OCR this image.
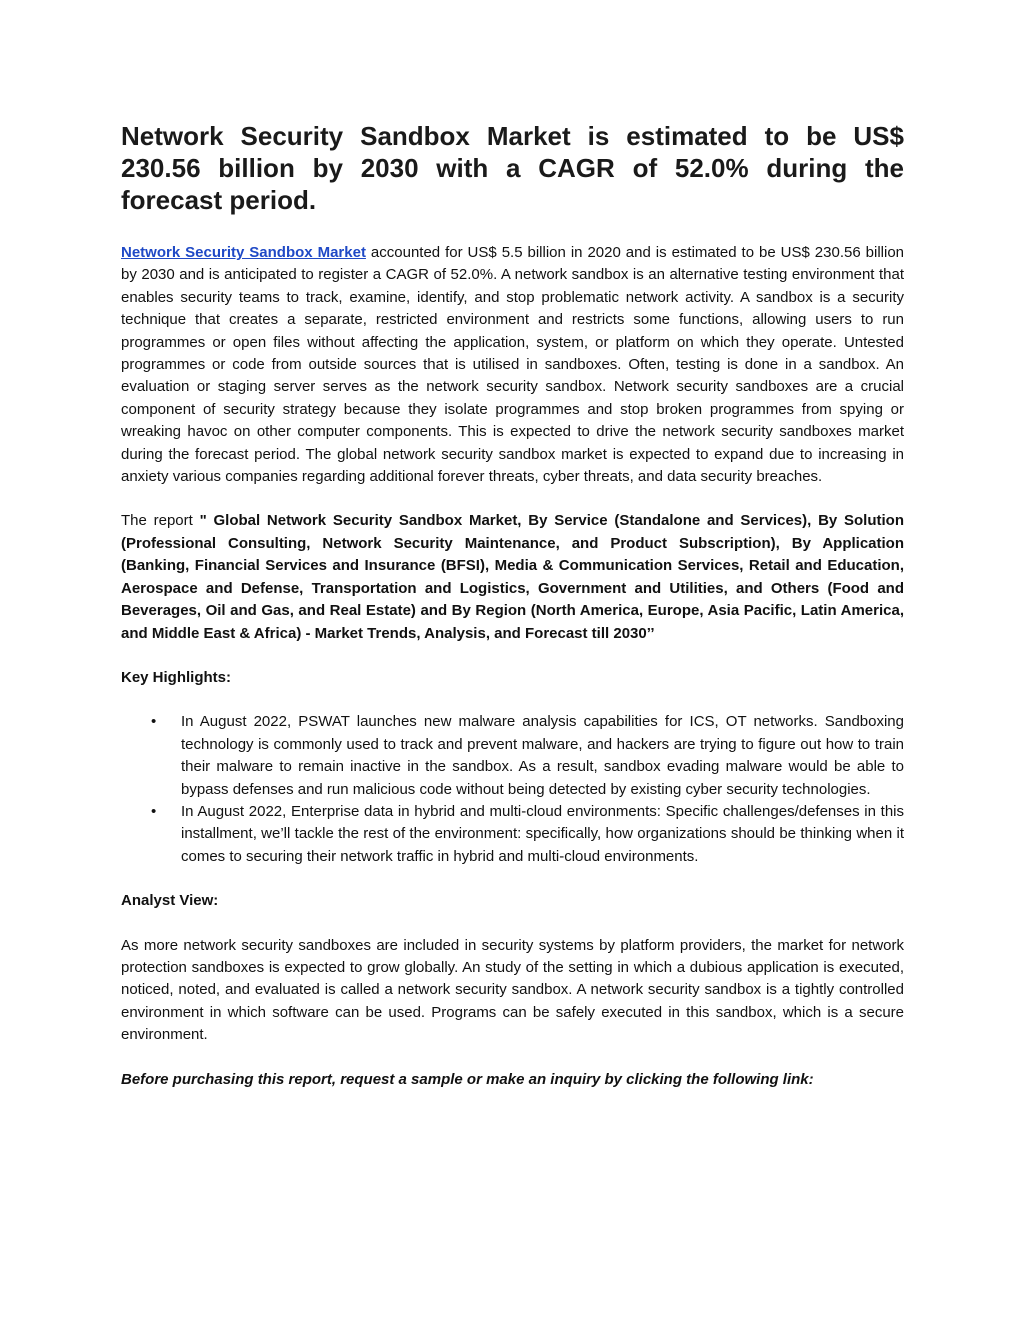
Network Security Sandbox Market is estimated to be US$ 230.56 billion by 2030 with a CAGR of 52.0% during the forecast period.

Network Security Sandbox Market accounted for US$ 5.5 billion in 2020 and is estimated to be US$ 230.56 billion by 2030 and is anticipated to register a CAGR of 52.0%. A network sandbox is an alternative testing environment that enables security teams to track, examine, identify, and stop problematic network activity. A sandbox is a security technique that creates a separate, restricted environment and restricts some functions, allowing users to run programmes or open files without affecting the application, system, or platform on which they operate. Untested programmes or code from outside sources that is utilised in sandboxes. Often, testing is done in a sandbox. An evaluation or staging server serves as the network security sandbox. Network security sandboxes are a crucial component of security strategy because they isolate programmes and stop broken programmes from spying or wreaking havoc on other computer components. This is expected to drive the network security sandboxes market during the forecast period. The global network security sandbox market is expected to expand due to increasing in anxiety various companies regarding additional forever threats, cyber threats, and data security breaches.

The report " Global Network Security Sandbox Market, By Service (Standalone and Services), By Solution (Professional Consulting, Network Security Maintenance, and Product Subscription), By Application (Banking, Financial Services and Insurance (BFSI), Media & Communication Services, Retail and Education, Aerospace and Defense, Transportation and Logistics, Government and Utilities, and Others (Food and Beverages, Oil and Gas, and Real Estate) and By Region (North America, Europe, Asia Pacific, Latin America, and Middle East & Africa) - Market Trends, Analysis, and Forecast till 2030’’

Key Highlights:

• In August 2022, PSWAT launches new malware analysis capabilities for ICS, OT networks. Sandboxing technology is commonly used to track and prevent malware, and hackers are trying to figure out how to train their malware to remain inactive in the sandbox. As a result, sandbox evading malware would be able to bypass defenses and run malicious code without being detected by existing cyber security technologies.
• In August 2022, Enterprise data in hybrid and multi-cloud environments: Specific challenges/defenses in this installment, we’ll tackle the rest of the environment: specifically, how organizations should be thinking when it comes to securing their network traffic in hybrid and multi-cloud environments.

Analyst View:

As more network security sandboxes are included in security systems by platform providers, the market for network protection sandboxes is expected to grow globally. An study of the setting in which a dubious application is executed, noticed, noted, and evaluated is called a network security sandbox. A network security sandbox is a tightly controlled environment in which software can be used. Programs can be safely executed in this sandbox, which is a secure environment.

Before purchasing this report, request a sample or make an inquiry by clicking the following link:
